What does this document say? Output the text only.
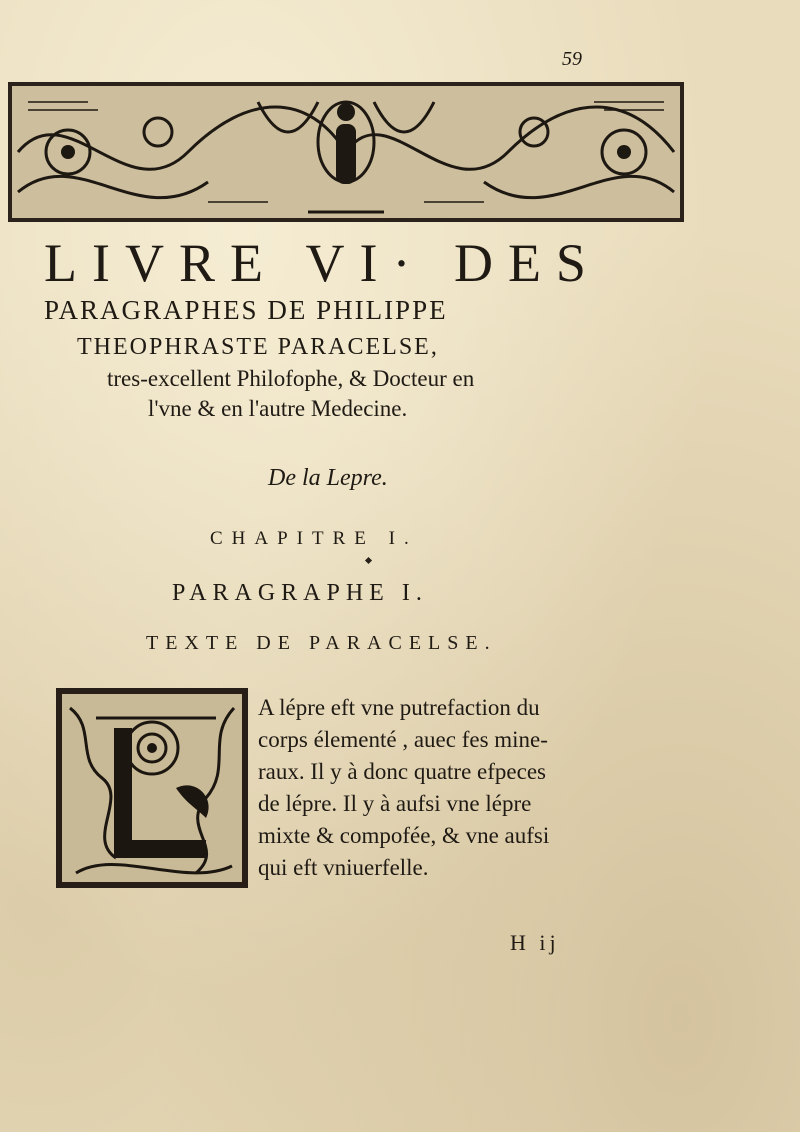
59
LIVRE VI· DES
PARAGRAPHES DE PHILIPPE
THEOPHRASTE PARACELSE,
tres-excellent Philofophe, & Docteur en
l'vne & en l'autre Medecine.
De la Lepre.
CHAPITRE I.
PARAGRAPHE I.
TEXTE DE PARACELSE.
A lépre eft vne putrefaction du
corps élementé , auec fes mine-
raux. Il y à donc quatre efpeces
de lépre. Il y à aufsi vne lépre
mixte & compofée, & vne aufsi
qui eft vniuerfelle.
H ij
